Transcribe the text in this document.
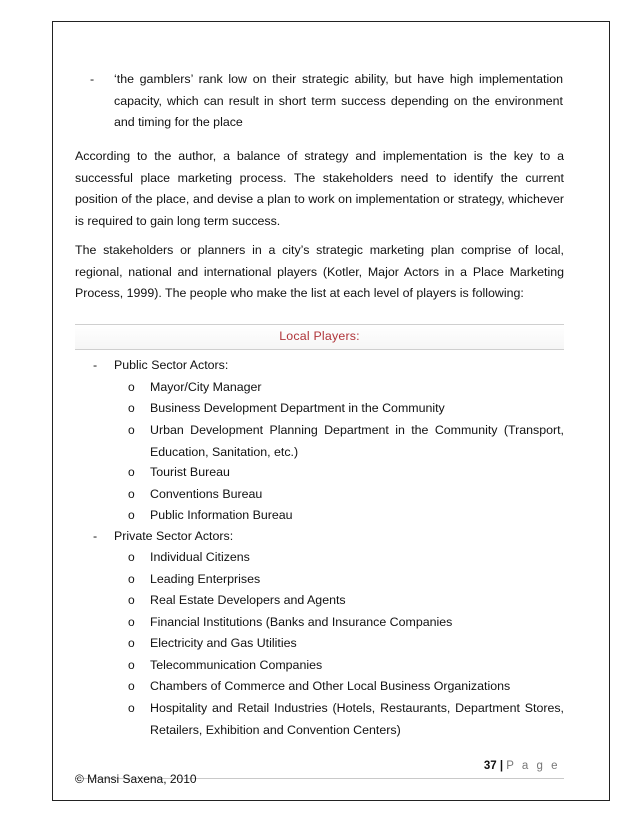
- ‘the gamblers’ rank low on their strategic ability, but have high implementation capacity, which can result in short term success depending on the environment and timing for the place
According to the author, a balance of strategy and implementation is the key to a successful place marketing process. The stakeholders need to identify the current position of the place, and devise a plan to work on implementation or strategy, whichever is required to gain long term success.
The stakeholders or planners in a city’s strategic marketing plan comprise of local, regional, national and international players (Kotler, Major Actors in a Place Marketing Process, 1999). The people who make the list at each level of players is following:
Local Players:
- Public Sector Actors:
o Mayor/City Manager
o Business Development Department in the Community
o Urban Development Planning Department in the Community (Transport, Education, Sanitation, etc.)
o Tourist Bureau
o Conventions Bureau
o Public Information Bureau
- Private Sector Actors:
o Individual Citizens
o Leading Enterprises
o Real Estate Developers and Agents
o Financial Institutions (Banks and Insurance Companies
o Electricity and Gas Utilities
o Telecommunication Companies
o Chambers of Commerce and Other Local Business Organizations
o Hospitality and Retail Industries (Hotels, Restaurants, Department Stores, Retailers, Exhibition and Convention Centers)
37 | P a g e
© Mansi Saxena, 2010
